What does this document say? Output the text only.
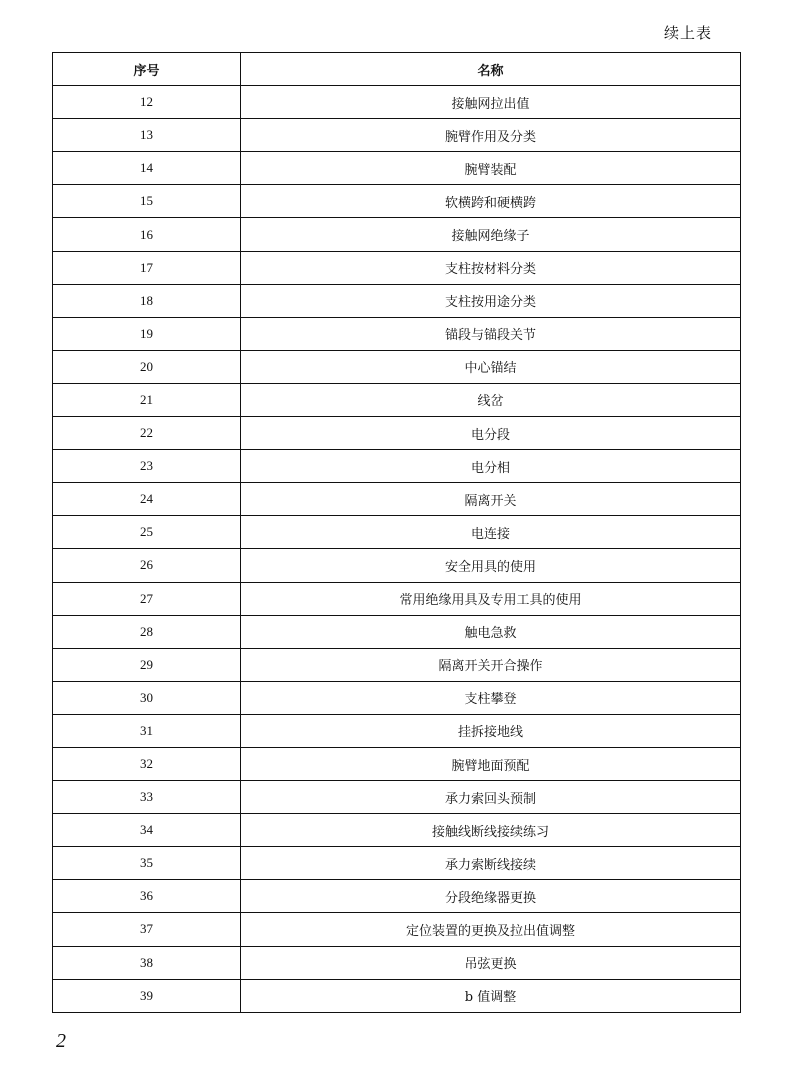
续上表
序号	名称
12	接触网拉出值
13	腕臂作用及分类
14	腕臂装配
15	软横跨和硬横跨
16	接触网绝缘子
17	支柱按材料分类
18	支柱按用途分类
19	锚段与锚段关节
20	中心锚结
21	线岔
22	电分段
23	电分相
24	隔离开关
25	电连接
26	安全用具的使用
27	常用绝缘用具及专用工具的使用
28	触电急救
29	隔离开关开合操作
30	支柱攀登
31	挂拆接地线
32	腕臂地面预配
33	承力索回头预制
34	接触线断线接续练习
35	承力索断线接续
36	分段绝缘器更换
37	定位装置的更换及拉出值调整
38	吊弦更换
39	b 值调整
2
